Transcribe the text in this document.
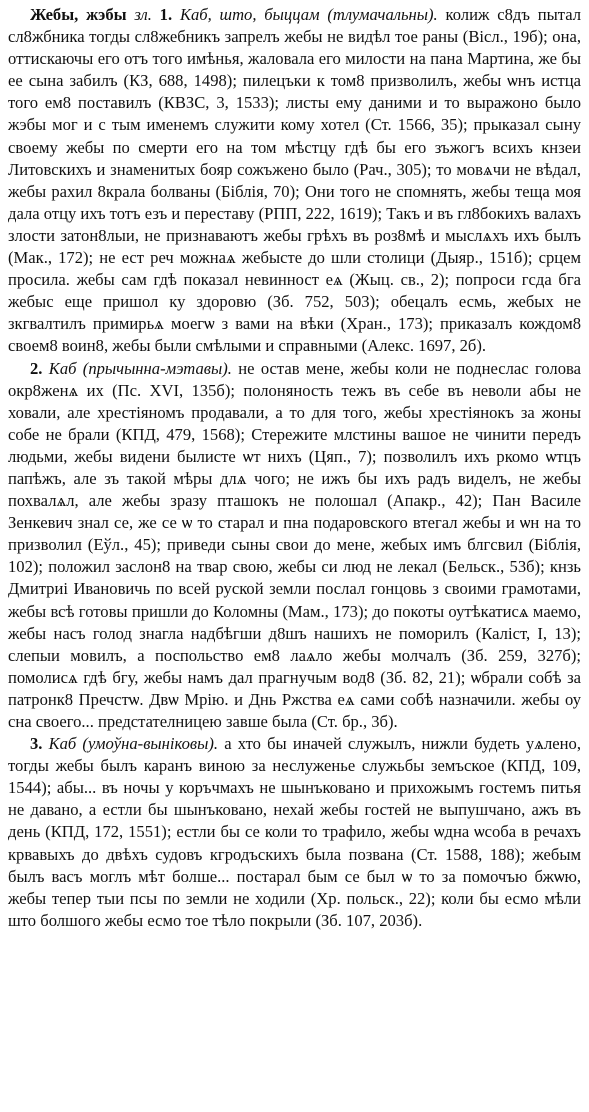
Жебы, жэбы зл. 1. Каб, што, быццам (тлумачальны). колиж с8дъ пытал сл8жбника тогды сл8жебникъ запрелъ жебы не видѣл тое раны (Вісл., 19б); она, оттискаючы его отъ того имѣнья, жаловала его милости на пана Мартина, же бы ее сына забилъ (КЗ, 688, 1498); пилецъки к том8 призволилъ, жебы ѡнъ истца того ем8 поставилъ (КВЗС, 3, 1533); листы ему даними и то выражоно было жэбы мог и с тым именемъ служити кому хотел (Ст. 1566, 35); прыказал сыну своему жебы по смерти его на том мѣстцу гдѣ бы его зъжогъ всихъ кнзеи Литовскихъ и знаменитых бояр сожъжено было (Рач., 305); то мовѧчи не вѣдал, жебы рахил 8крала болваны (Біблія, 70); Они того не спомнять, жебы теща моя дала отцу ихъ тотъ езъ и переставу (РПП, 222, 1619); Такъ и въ гл8бокихъ валахъ злости затон8лыи, не признаваютъ жебы грѣхъ въ роз8мѣ и мыслѧхъ ихъ былъ (Мак., 172); не ест реч можнаѧ жебысте до шли столици (Дыяр., 151б); срцем просила. жебы сам гдѣ показал невинност еѧ (Жыц. св., 2); попроси гсда бга жебыс еще пришол ку здоровю (Зб. 752, 503); обецалъ есмь, жебых не зкгвалтилъ примирьѧ моегѡ з вами на вѣки (Хран., 173); приказалъ кождом8 своем8 воин8, жебы были смѣлыми и справными (Алекс. 1697, 2б).

2. Каб (прычынна-мэтавы). не остав мене, жебы коли не поднеслас голова окр8женѧ их (Пс. XVI, 135б); полоняность тежъ въ себе въ неволи абы не ховали, але хрестіяномъ продавали, а то для того, жебы хрестіянокъ за жоны собе не брали (КПД, 479, 1568); Стережите млстины вашое не чинити передъ людьми, жебы видени былисте ѡт нихъ (Цяп., 7); позволилъ ихъ ркомо ѡтцъ папѣжъ, але зъ такой мѣры длѧ чого; не ижъ бы ихъ радъ виделъ, не жебы похвалѧл, але жебы зразу пташокъ не полошал (Апакр., 42); Пан Василе Зенкевич знал се, же се ѡ то старал и пна подаровского втегал жебы и ѡн на то призволил (Еўл., 45); приведи сыны свои до мене, жебых имъ блгсвил (Біблія, 102); положил заслон8 на твар свою, жебы си люд не лекал (Бельск., 53б); кнзь Дмитриі Ивановичь по всей руской земли послал гонцовь з своими грамотами, жебы всѣ готовы пришли до Коломны (Мам., 173); до покоты оутѣкатисѧ маемо, жебы насъ голод знагла надбѣгши д8шъ нашихъ не поморилъ (Каліст, І, 13); слепыи мовилъ, а поспольство ем8 лаѧло жебы молчалъ (Зб. 259, 327б); помолисѧ гдѣ бгу, жебы намъ дал прагнучым вод8 (Зб. 82, 21); ѡбрали собѣ за патронк8 Пречстѡ. Двѡ Мрію. и Днь Ржства еѧ сами собѣ назначили. жебы оу сна своего... предстателницею завше была (Ст. бр., 3б).

3. Каб (умоўна-выніковы). а хто бы иначей служылъ, нижли будеть уѧлено, тогды жебы былъ каранъ виною за неслуженье служьбы земъское (КПД, 109, 1544); абы... въ ночы у коръчмахъ не шынъковано и прихожымъ гостемъ питья не давано, а естли бы шынъковано, нехай жебы гостей не выпушчано, ажъ въ день (КПД, 172, 1551); естли бы се коли то трафило, жебы ѡдна ѡсоба в речахъ крвавыхъ до двѣхъ судовъ кгродъскихъ была позвана (Ст. 1588, 188); жебым былъ васъ моглъ мѣт болше... постарал бым се был ѡ то за помочъю бжѡю, жебы тепер тыи псы по земли не ходили (Хр. польск., 22); коли бы есмо мѣли што болшого жебы есмо тое тѣло покрыли (Зб. 107, 203б).
